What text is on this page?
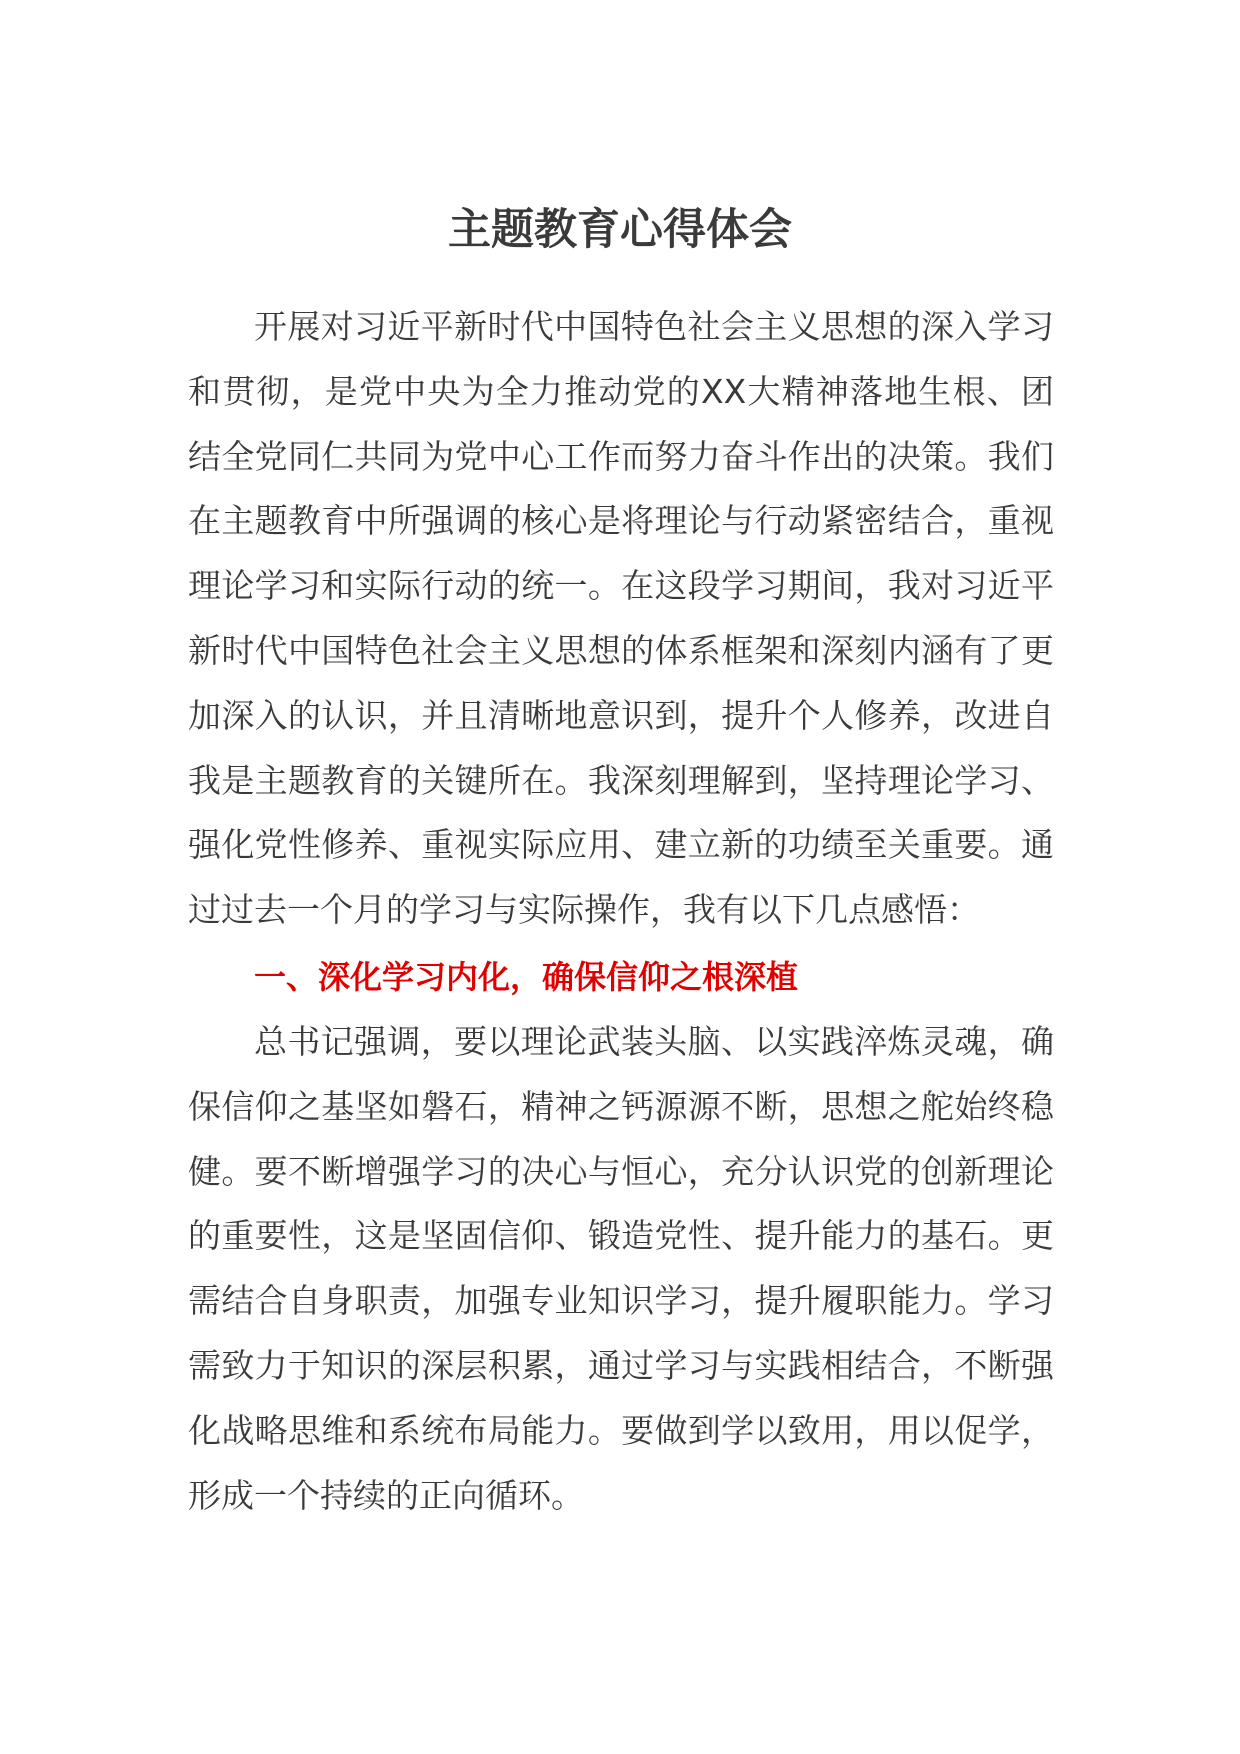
主题教育心得体会

开展对习近平新时代中国特色社会主义思想的深入学习和贯彻，是党中央为全力推动党的XX大精神落地生根、团结全党同仁共同为党中心工作而努力奋斗作出的决策。我们在主题教育中所强调的核心是将理论与行动紧密结合，重视理论学习和实际行动的统一。在这段学习期间，我对习近平新时代中国特色社会主义思想的体系框架和深刻内涵有了更加深入的认识，并且清晰地意识到，提升个人修养，改进自我是主题教育的关键所在。我深刻理解到，坚持理论学习、强化党性修养、重视实际应用、建立新的功绩至关重要。通过过去一个月的学习与实际操作，我有以下几点感悟：

一、深化学习内化，确保信仰之根深植

总书记强调，要以理论武装头脑、以实践淬炼灵魂，确保信仰之基坚如磐石，精神之钙源源不断，思想之舵始终稳健。要不断增强学习的决心与恒心，充分认识党的创新理论的重要性，这是坚固信仰、锻造党性、提升能力的基石。更需结合自身职责，加强专业知识学习，提升履职能力。学习需致力于知识的深层积累，通过学习与实践相结合，不断强化战略思维和系统布局能力。要做到学以致用，用以促学，形成一个持续的正向循环。
